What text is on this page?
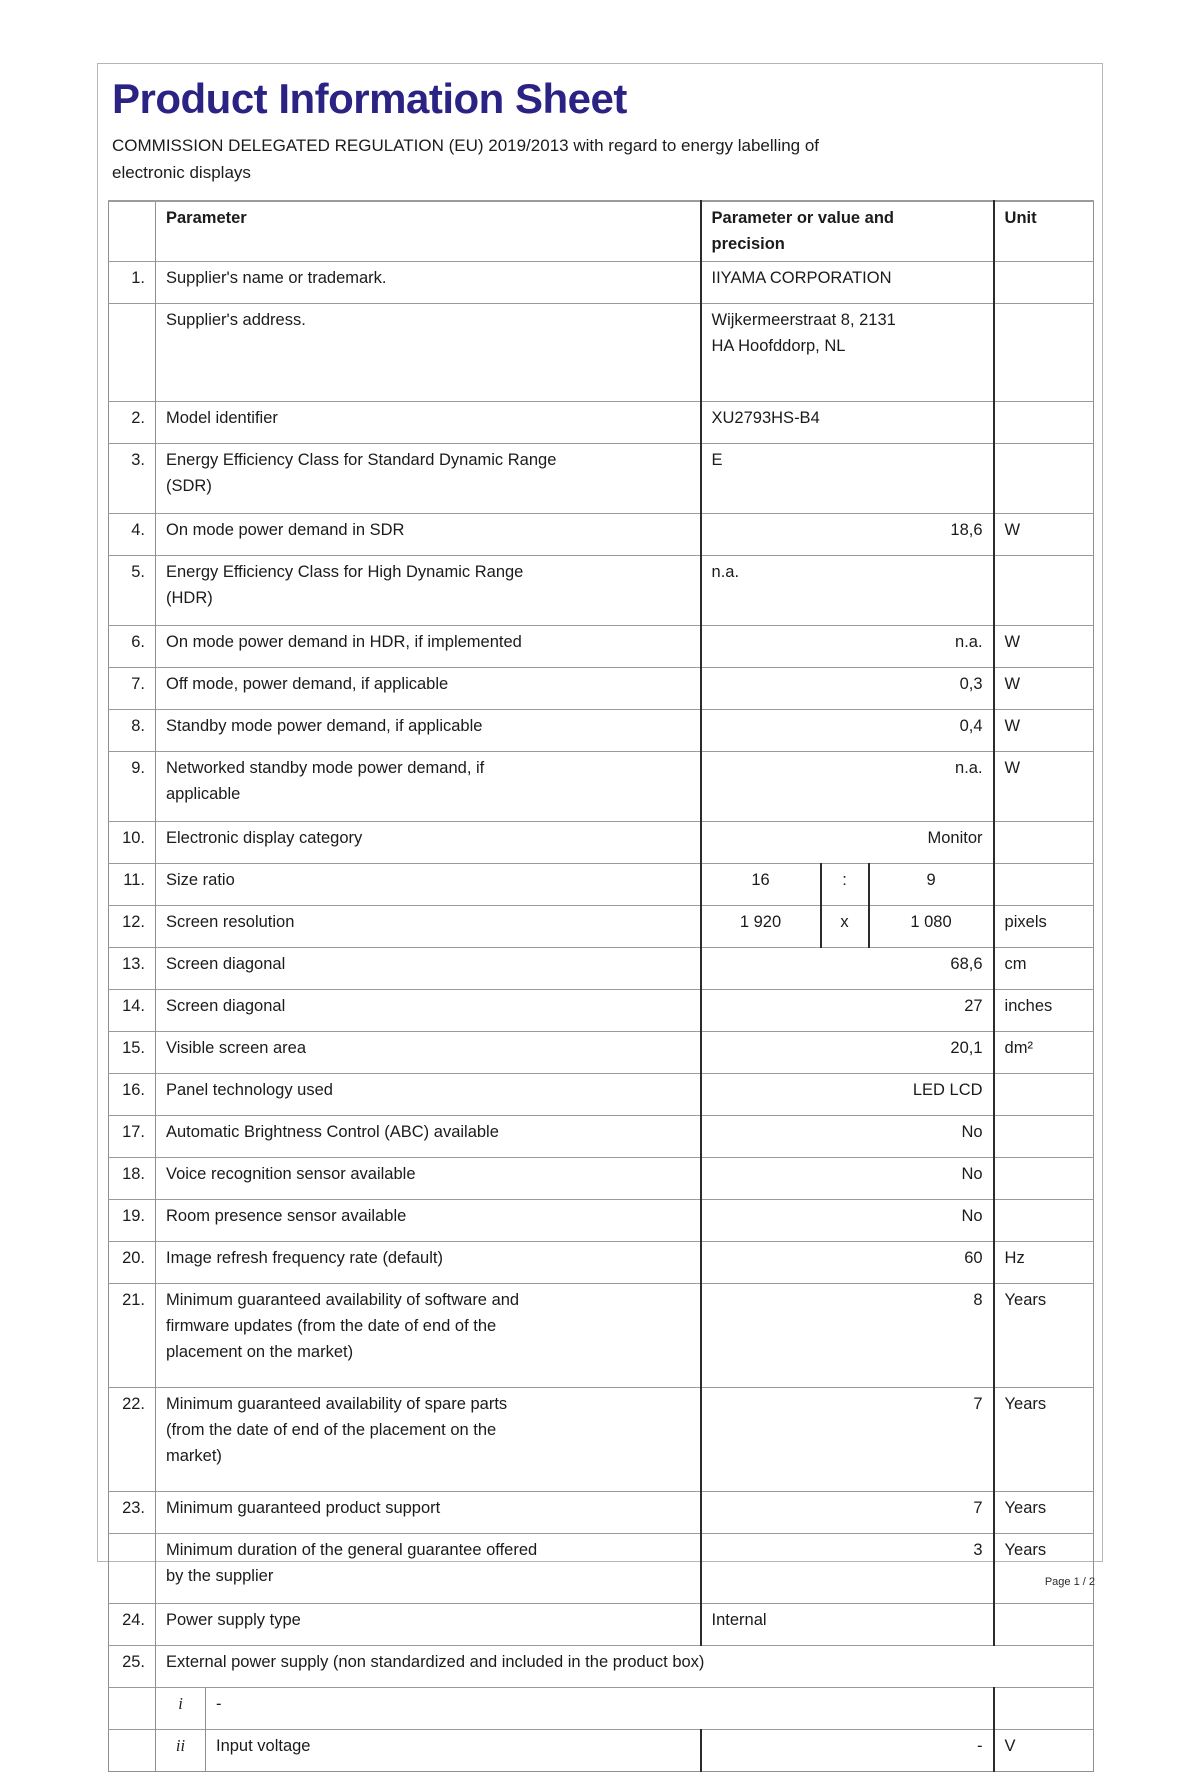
Product Information Sheet

COMMISSION DELEGATED REGULATION (EU) 2019/2013 with regard to energy labelling of
electronic displays

	Parameter		Parameter or value and
precision			Unit
1.	Supplier's name or trademark.		IIYAMA CORPORATION			

	Supplier's address.		Wijkermeerstraat 8, 2131
HA Hoofddorp, NL			

2.	Model identifier		XU2793HS-B4			

3.	Energy Efficiency Class for Standard Dynamic Range
(SDR)		E			

4.	On mode power demand in SDR		18,6			W
5.	Energy Efficiency Class for High Dynamic Range
(HDR)		n.a.			

6.	On mode power demand in HDR, if implemented		n.a.			W
7.	Off mode, power demand, if applicable		0,3			W
8.	Standby mode power demand, if applicable		0,4			W
9.	Networked standby mode power demand, if
applicable		n.a.			W
10.	Electronic display category		Monitor			

11.	Size ratio		16	:	9	
12.	Screen resolution		1 920	x	1 080	pixels
13.	Screen diagonal		68,6			cm
14.	Screen diagonal		27			inches
15.	Visible screen area		20,1			dm²
16.	Panel technology used		LED LCD			

17.	Automatic Brightness Control (ABC) available		No			

18.	Voice recognition sensor available		No			

19.	Room presence sensor available		No			

20.	Image refresh frequency rate (default)		60			Hz
21.	Minimum guaranteed availability of software and
firmware updates (from the date of end of the
placement on the market)		8			Years
22.	Minimum guaranteed availability of spare parts
(from the date of end of the placement on the
market)		7			Years
23.	Minimum guaranteed product support		7			Years

	Minimum duration of the general guarantee offered
by the supplier		3			Years
24.	Power supply type		Internal			

25.	External power supply (non standardized and included in the product box)					
	i	-				
	ii	Input voltage	-			V
Page 1 / 2
